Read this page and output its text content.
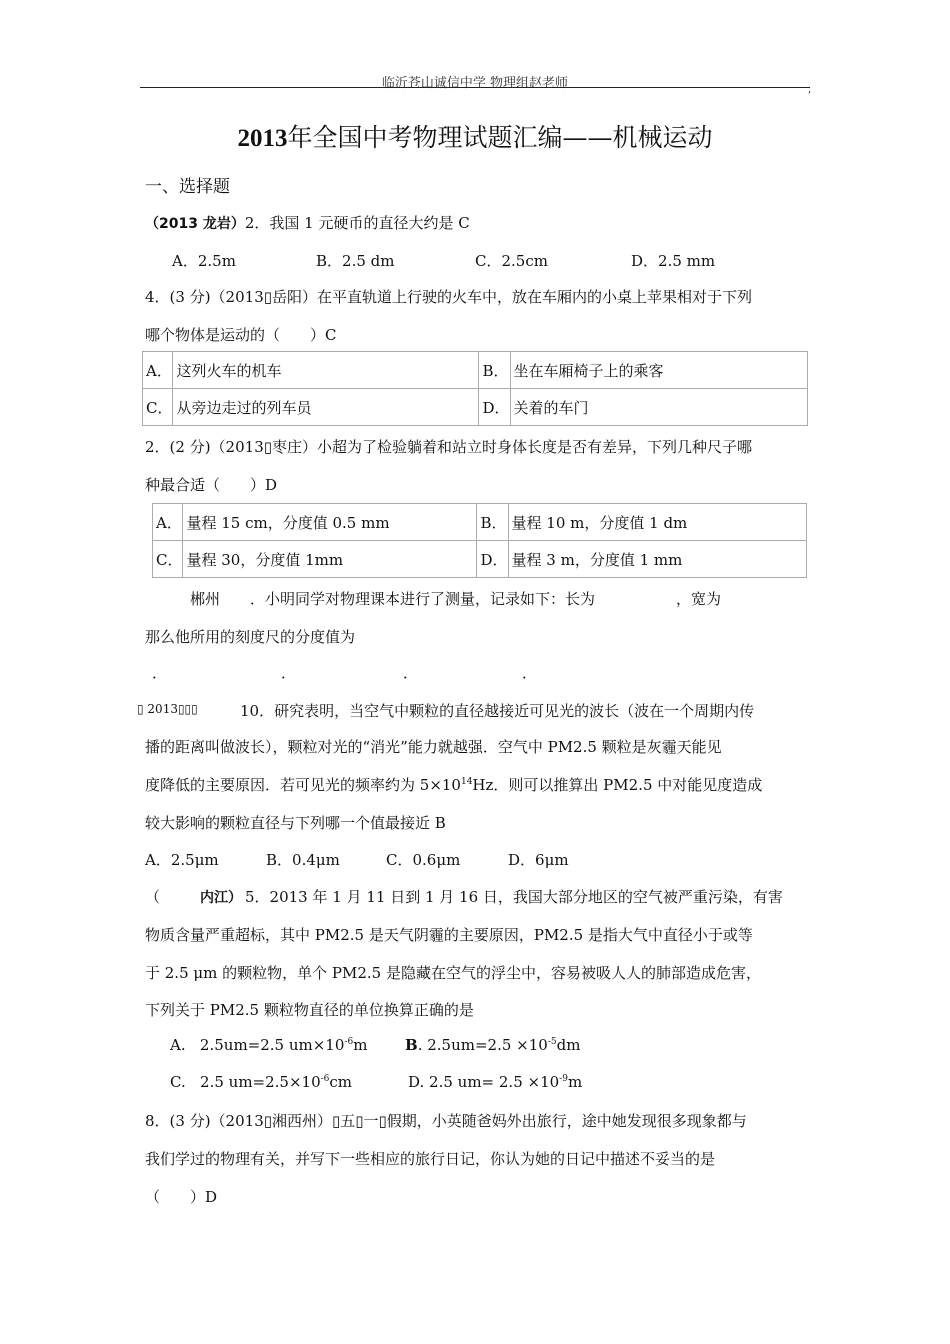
临沂苍山诚信中学 物理组赵老师	,
2013年全国中考物理试题汇编——机械运动
一、选择题
（2013 龙岩）2．我国 1 元硬币的直径大约是 C
A．2.5m	B．2.5 dm	C．2.5cm	D．2.5 mm
4．(3 分)（2013▯岳阳）在平直轨道上行驶的火车中，放在车厢内的小桌上苹果相对于下列
哪个物体是运动的（　　）C
A．	这列火车的机车	B．	坐在车厢椅子上的乘客
C．	从旁边走过的列车员	D．	关着的车门
2．(2 分)（2013▯枣庄）小超为了检验躺着和站立时身体长度是否有差异，下列几种尺子哪
种最合适（　　）D
A．	量程 15 cm，分度值 0.5 mm	B．	量程 10 m，分度值 1 dm
C．	量程 30，分度值 1mm	D．	量程 3 m，分度值 1 mm
郴州 ．小明同学对物理课本进行了测量，记录如下：长为	，宽为
那么他所用的刻度尺的分度值为
．	．	．	．
▯ 2013▯▯▯	10．研究表明，当空气中颗粒的直径越接近可见光的波长（波在一个周期内传
播的距离叫做波长），颗粒对光的“消光”能力就越强．空气中 PM2.5 颗粒是灰霾天能见
度降低的主要原因．若可见光的频率约为 $5\times 10^{14}Hz$．则可以推算出 PM2.5 中对能见度造成
较大影响的颗粒直径与下列哪一个值最接近 B
A．2.5μm	B．0.4μm	C．0.6μm	D．6μm
（	内江） 5．2013 年 1 月 11 日到 1 月 16 日，我国大部分地区的空气被严重污染，有害
物质含量严重超标，其中 PM2.5 是天气阴霾的主要原因，PM2.5 是指大气中直径小于或等
于 2.5 μm 的颗粒物，单个 PM2.5 是隐藏在空气的浮尘中，容易被吸人人的肺部造成危害，
下列关于 PM2.5 颗粒物直径的单位换算正确的是
A. 2.5um=2.5 $um\times 10^{-6}m$	B. $2.5um=2.5 \times 10^{-5}dm$
C. 2.5 $um=2.5\times 10^{-6}cm$	D. 2.5 $um= 2.5 \times 10^{-9}m$
8．(3 分)（2013▯湘西州）▯五▯一▯假期，小英随爸妈外出旅行，途中她发现很多现象都与
我们学过的物理有关，并写下一些相应的旅行日记，你认为她的日记中描述不妥当的是
（　　）D
